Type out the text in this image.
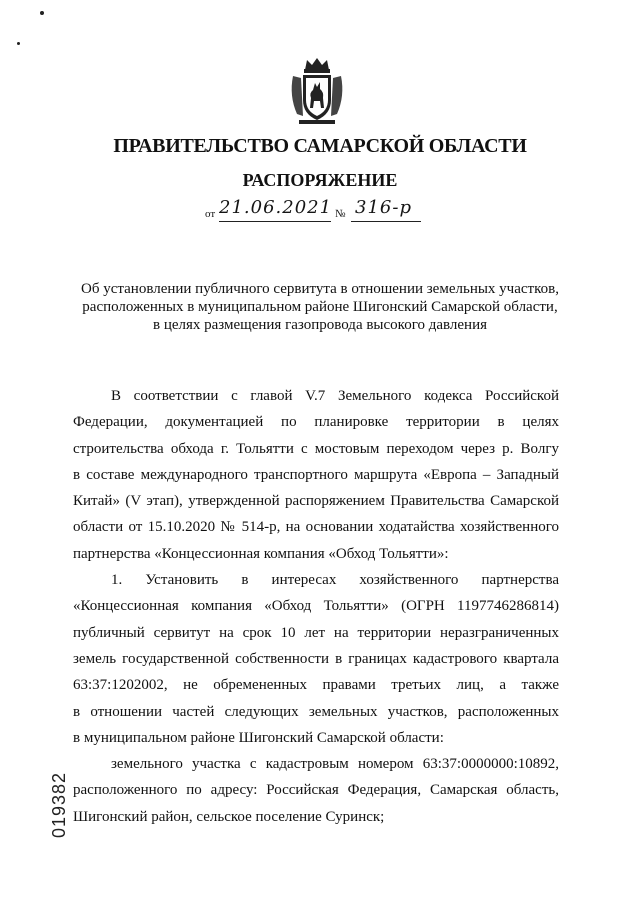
ПРАВИТЕЛЬСТВО САМАРСКОЙ ОБЛАСТИ
РАСПОРЯЖЕНИЕ
от 21.06.2021 № 316-р
Об установлении публичного сервитута в отношении земельных участков,
расположенных в муниципальном районе Шигонский Самарской области,
в целях размещения газопровода высокого давления
В соответствии с главой V.7 Земельного кодекса Российской
Федерации, документацией по планировке территории в целях
строительства обхода г. Тольятти с мостовым переходом через р. Волгу
в составе международного транспортного маршрута «Европа – Западный
Китай» (V этап), утвержденной распоряжением Правительства Самарской
области от 15.10.2020 № 514-р, на основании ходатайства хозяйственного
партнерства «Концессионная компания «Обход Тольятти»:
1. Установить в интересах хозяйственного партнерства
«Концессионная компания «Обход Тольятти» (ОГРН 1197746286814)
публичный сервитут на срок 10 лет на территории неразграниченных
земель государственной собственности в границах кадастрового квартала
63:37:1202002, не обремененных правами третьих лиц, а также
в отношении частей следующих земельных участков, расположенных
в муниципальном районе Шигонский Самарской области:
земельного участка с кадастровым номером 63:37:0000000:10892,
расположенного по адресу: Российская Федерация, Самарская область,
Шигонский район, сельское поселение Суринск;
019382
